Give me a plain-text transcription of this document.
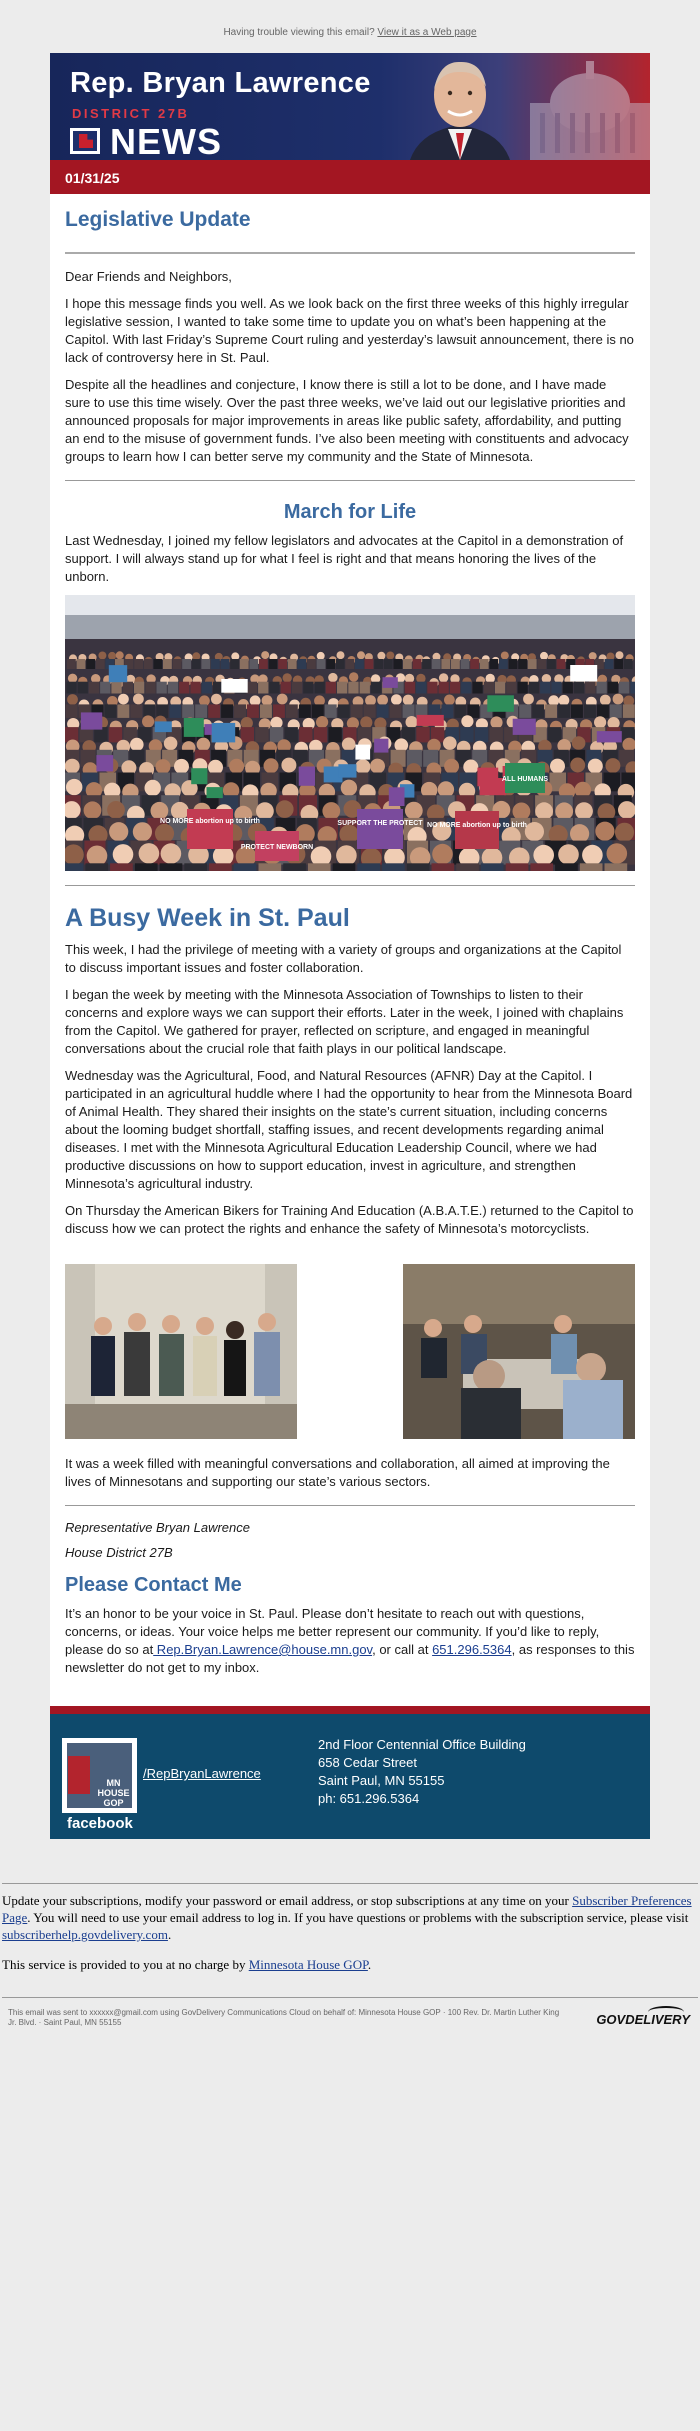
Having trouble viewing this email? View it as a Web page
Rep. Bryan Lawrence
DISTRICT 27B
NEWS
01/31/25
Legislative Update

Dear Friends and Neighbors,

I hope this message finds you well. As we look back on the first three weeks of this highly irregular legislative session, I wanted to take some time to update you on what’s been happening at the Capitol. With last Friday’s Supreme Court ruling and yesterday’s lawsuit announcement, there is no lack of controversy here in St. Paul.

Despite all the headlines and conjecture, I know there is still a lot to be done, and I have made sure to use this time wisely. Over the past three weeks, we’ve laid out our legislative priorities and announced proposals for major improvements in areas like public safety, affordability, and putting an end to the misuse of government funds. I’ve also been meeting with constituents and advocacy groups to learn how I can better serve my community and the State of Minnesota.

March for Life

Last Wednesday, I joined my fellow legislators and advocates at the Capitol in a demonstration of support. I will always stand up for what I feel is right and that means honoring the lives of the unborn.

NO MORE abortion up to birth	SUPPORT THE PROTECT
ALL HUMANS
NO MORE abortion up to birth
PROTECT NEWBORN
A Busy Week in St. Paul

This week, I had the privilege of meeting with a variety of groups and organizations at the Capitol to discuss important issues and foster collaboration.

I began the week by meeting with the Minnesota Association of Townships to listen to their concerns and explore ways we can support their efforts. Later in the week, I joined with chaplains from the Capitol. We gathered for prayer, reflected on scripture, and engaged in meaningful conversations about the crucial role that faith plays in our political landscape.

Wednesday was the Agricultural, Food, and Natural Resources (AFNR) Day at the Capitol. I participated in an agricultural huddle where I had the opportunity to hear from the Minnesota Board of Animal Health. They shared their insights on the state’s current situation, including concerns about the looming budget shortfall, staffing issues, and recent developments regarding animal diseases. I met with the Minnesota Agricultural Education Leadership Council, where we had productive discussions on how to support education, invest in agriculture, and strengthen Minnesota’s agricultural industry.

On Thursday the American Bikers for Training And Education (A.B.A.T.E.) returned to the Capitol to discuss how we can protect the rights and enhance the safety of Minnesota’s motorcyclists.

It was a week filled with meaningful conversations and collaboration, all aimed at improving the lives of Minnesotans and supporting our state’s various sectors.

Representative Bryan Lawrence
House District 27B
Please Contact Me

It’s an honor to be your voice in St. Paul. Please don’t hesitate to reach out with questions, concerns, or ideas. Your voice helps me better represent our community. If you’d like to reply, please do so at Rep.Bryan.Lawrence@house.mn.gov, or call at 651.296.5364, as responses to this newsletter do not get to my inbox.

MN HOUSE GOP
facebook
/RepBryanLawrence
2nd Floor Centennial Office Building
658 Cedar Street
Saint Paul, MN 55155
ph: 651.296.5364

Update your subscriptions, modify your password or email address, or stop subscriptions at any time on your Subscriber Preferences Page. You will need to use your email address to log in. If you have questions or problems with the subscription service, please visit subscriberhelp.govdelivery.com.

This service is provided to you at no charge by Minnesota House GOP.

This email was sent to xxxxxx@gmail.com using GovDelivery Communications Cloud on behalf of: Minnesota House GOP · 100 Rev. Dr. Martin Luther King Jr. Blvd. · Saint Paul, MN 55155	GOVDELIVERY
